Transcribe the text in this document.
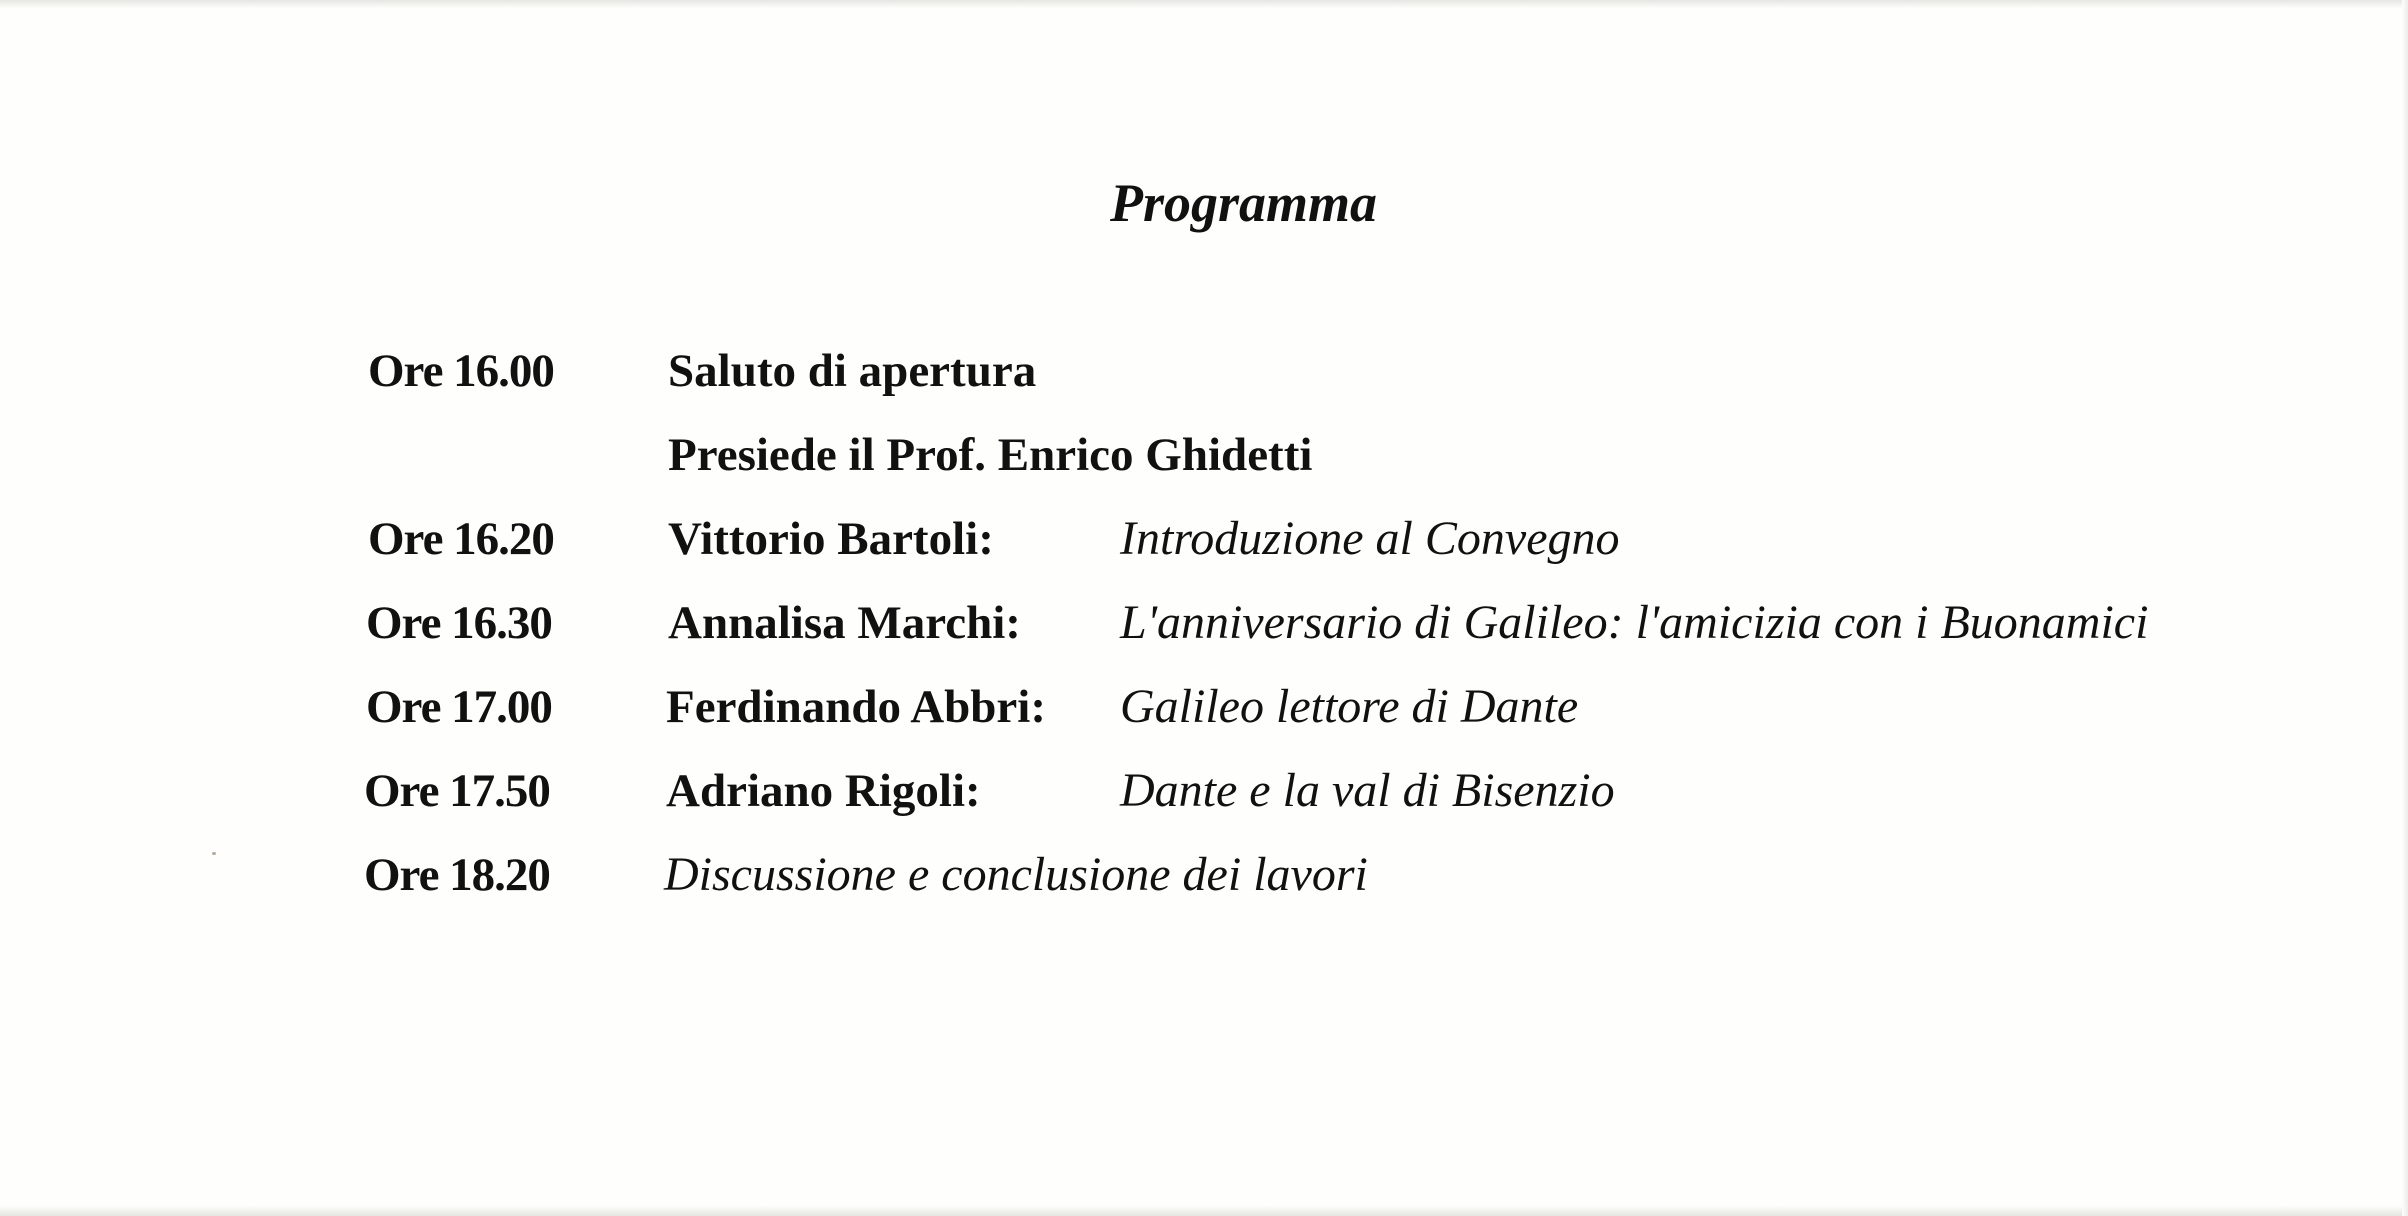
Programma
Ore 16.00 Saluto di apertura
Presiede il Prof. Enrico Ghidetti
Ore 16.20 Vittorio Bartoli:	Introduzione al Convegno
Ore 16.30 Annalisa Marchi: L'anniversario di Galileo: l'amicizia con i Buonamici
Ore 17.00 Ferdinando Abbri: Galileo lettore di Dante
Ore 17.50 Adriano Rigoli:	Dante e la val di Bisenzio
Ore 18.20 Discussione e conclusione dei lavori
